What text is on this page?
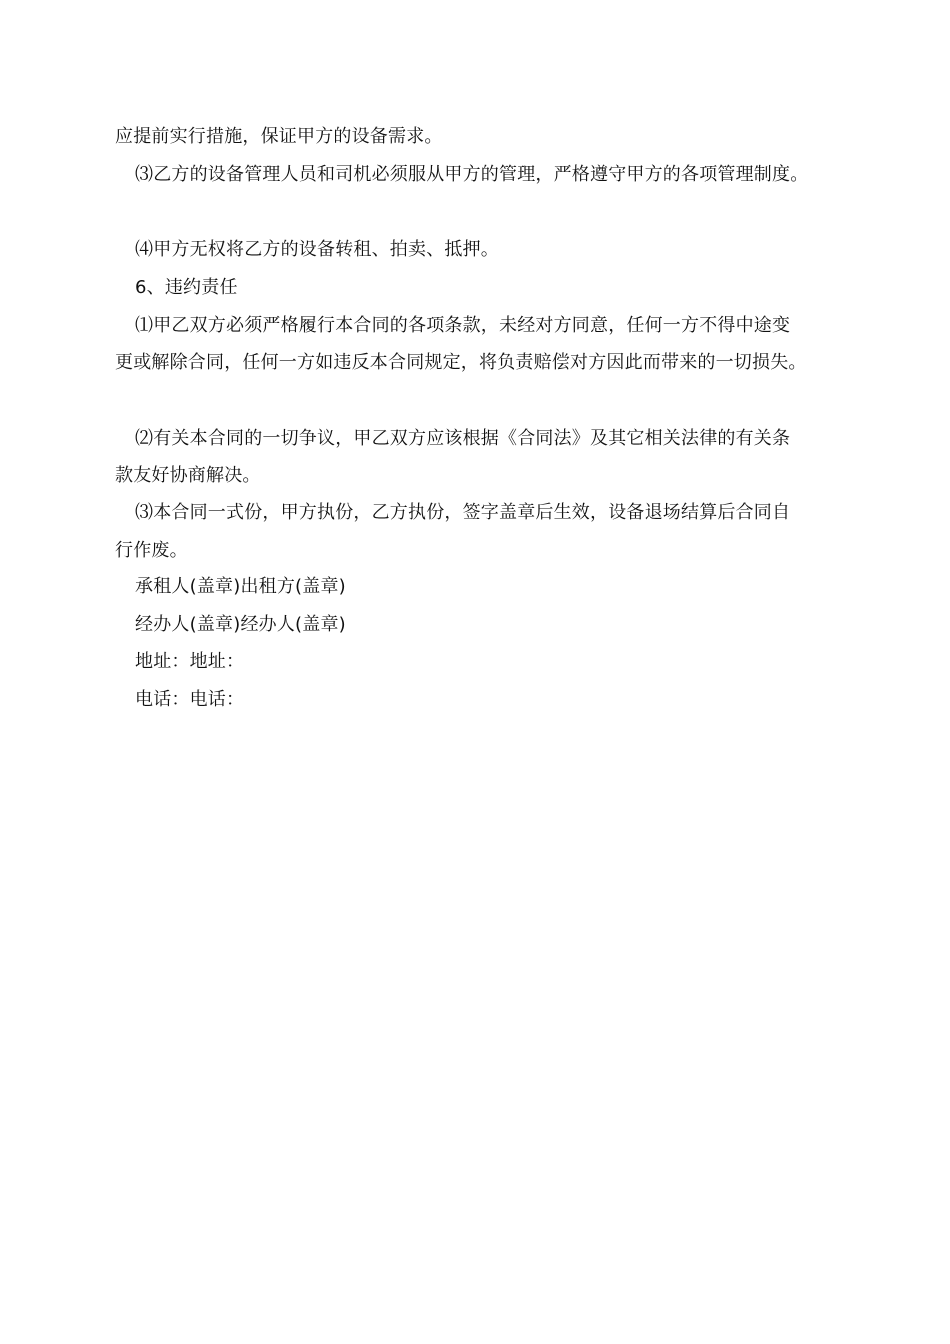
应提前实行措施，保证甲方的设备需求。
⑶乙方的设备管理人员和司机必须服从甲方的管理，严格遵守甲方的各项管理制度。
⑷甲方无权将乙方的设备转租、拍卖、抵押。
6、违约责任
⑴甲乙双方必须严格履行本合同的各项条款，未经对方同意，任何一方不得中途变
更或解除合同，任何一方如违反本合同规定，将负责赔偿对方因此而带来的一切损失。
⑵有关本合同的一切争议，甲乙双方应该根据《合同法》及其它相关法律的有关条
款友好协商解决。
⑶本合同一式份，甲方执份，乙方执份，签字盖章后生效，设备退场结算后合同自
行作废。
承租人(盖章)出租方(盖章)
经办人(盖章)经办人(盖章)
地址：地址：
电话：电话：
